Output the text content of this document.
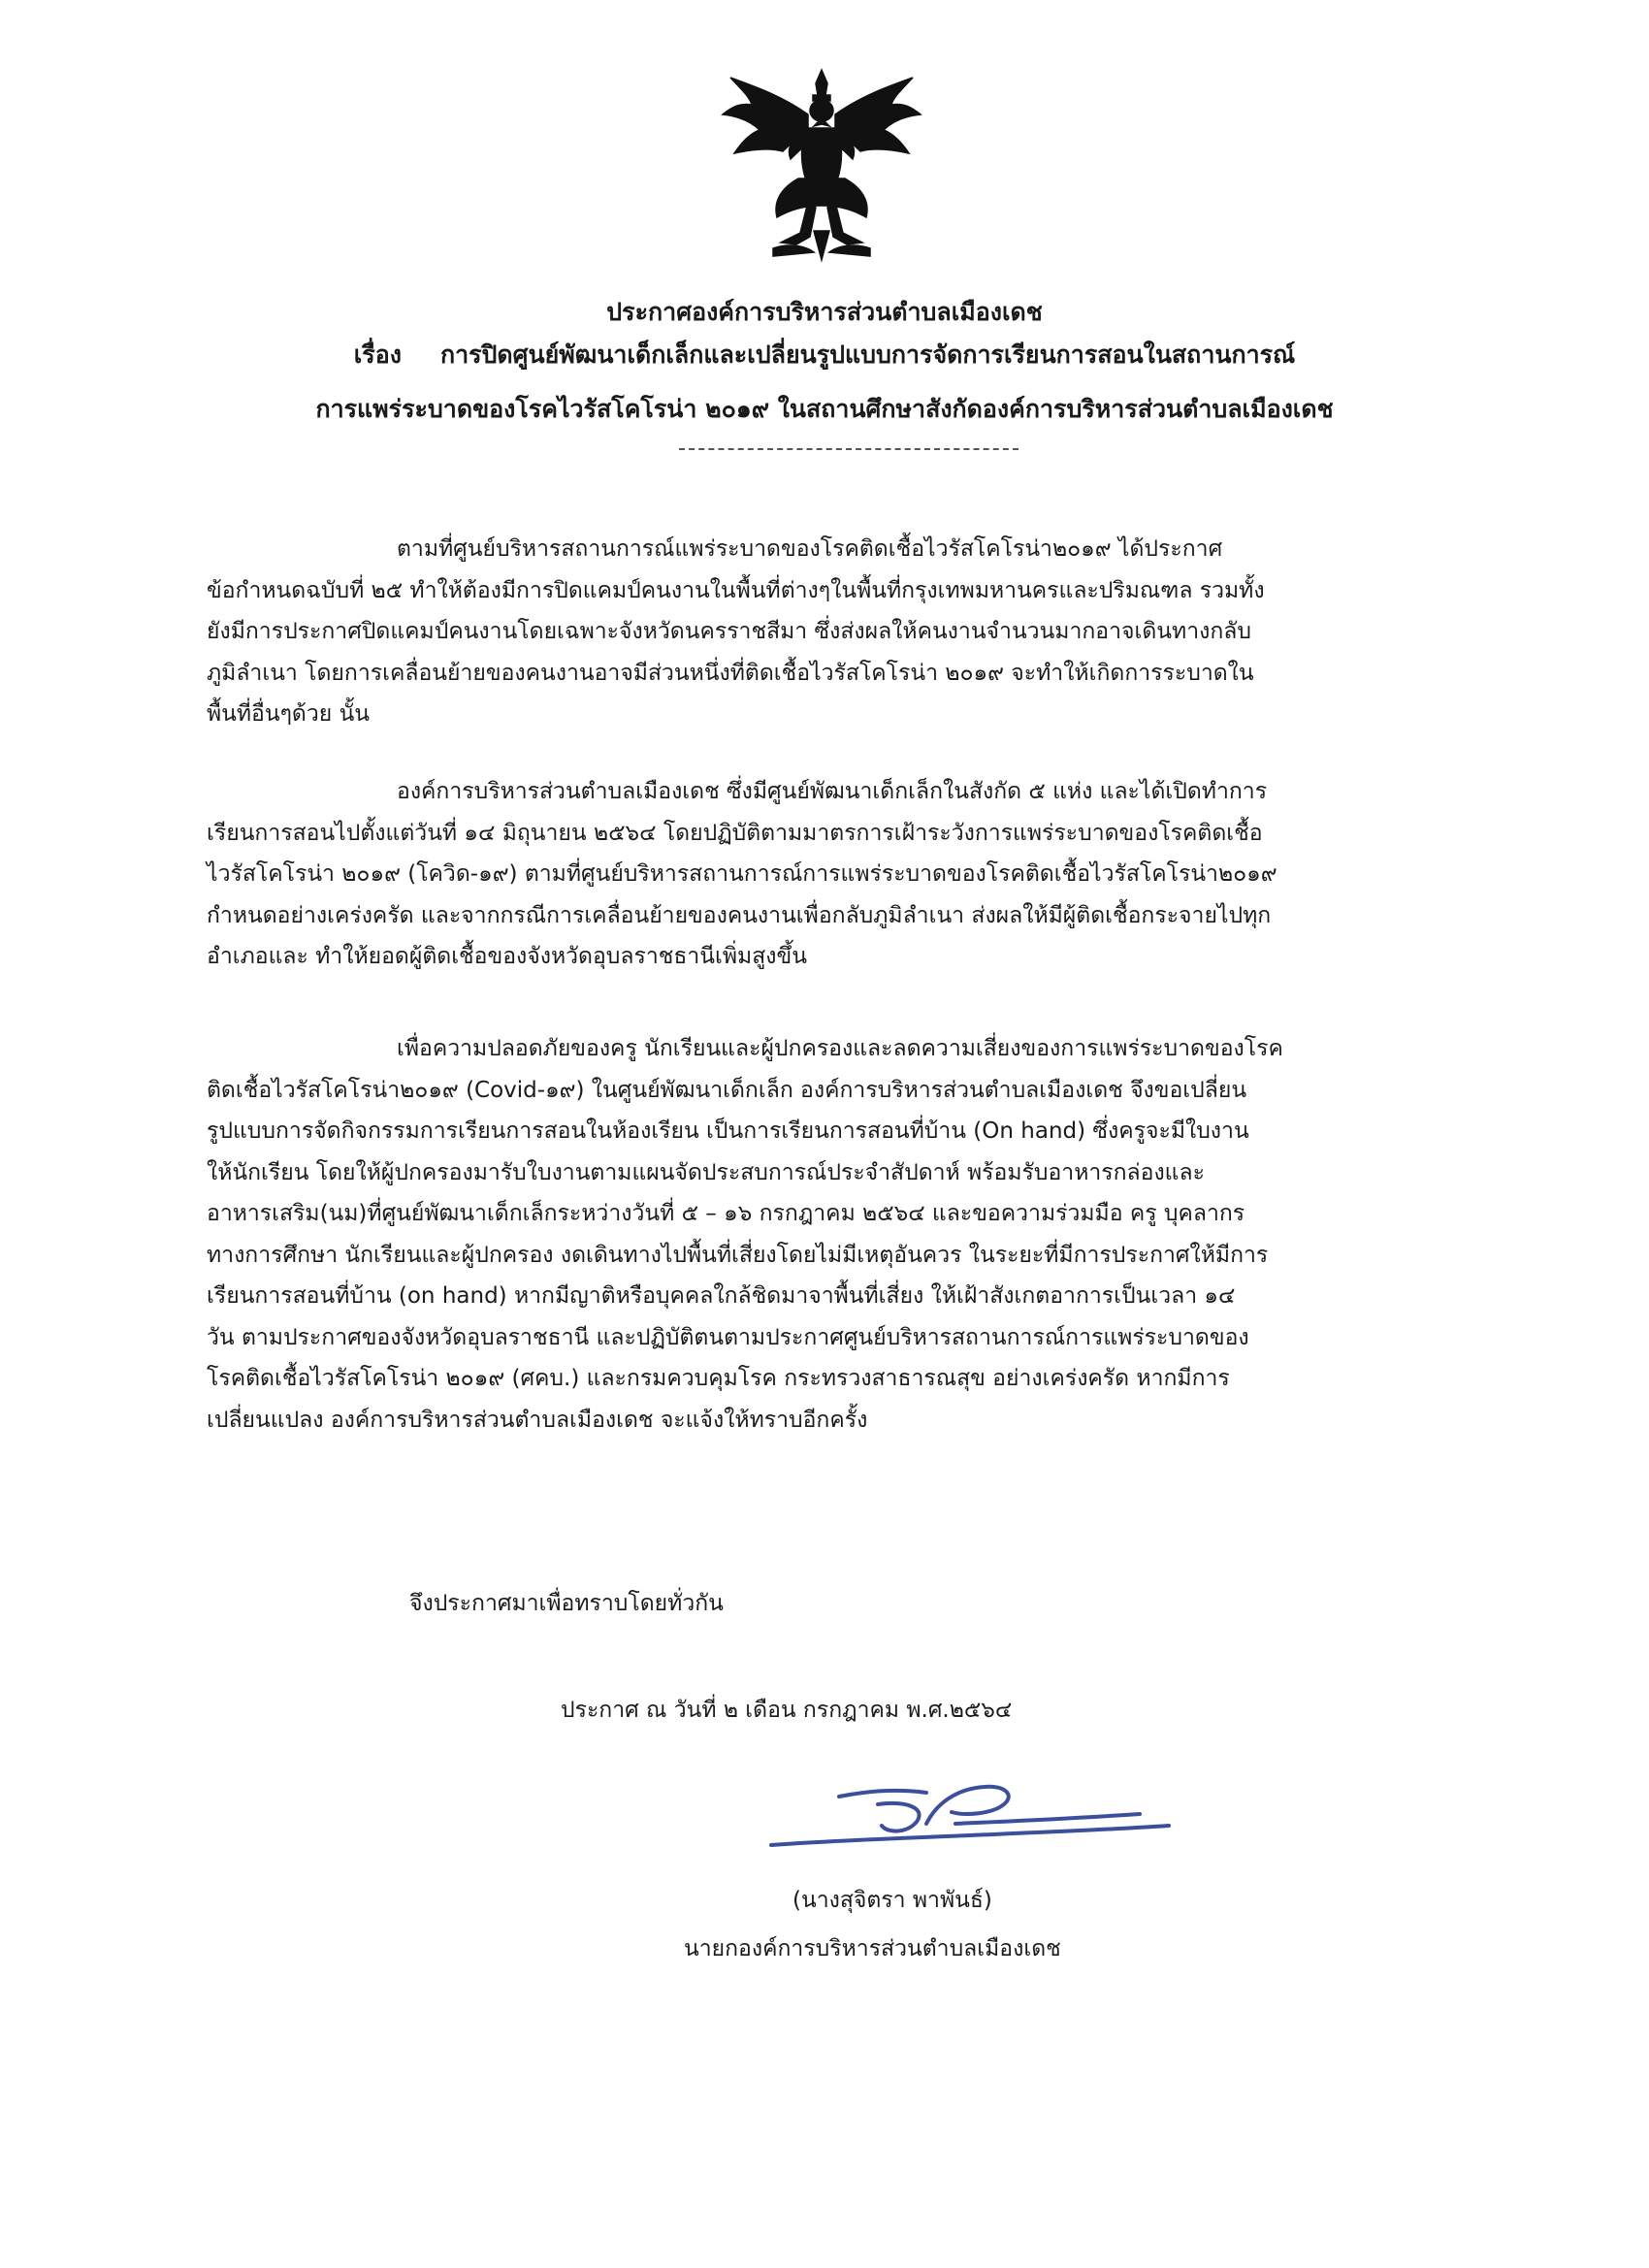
ประกาศองค์การบริหารส่วนตำบลเมืองเดช
เรื่อง การปิดศูนย์พัฒนาเด็กเล็กและเปลี่ยนรูปแบบการจัดการเรียนการสอนในสถานการณ์
การแพร่ระบาดของโรคไวรัสโคโรน่า ๒๐๑๙ ในสถานศึกษาสังกัดองค์การบริหารส่วนตำบลเมืองเดช
ตามที่ศูนย์บริหารสถานการณ์แพร่ระบาดของโรคติดเชื้อไวรัสโคโรน่า๒๐๑๙ ได้ประกาศ
ข้อกำหนดฉบับที่ ๒๕ ทำให้ต้องมีการปิดแคมป์คนงานในพื้นที่ต่างๆในพื้นที่กรุงเทพมหานครและปริมณฑล รวมทั้ง
ยังมีการประกาศปิดแคมป์คนงานโดยเฉพาะจังหวัดนครราชสีมา ซึ่งส่งผลให้คนงานจำนวนมากอาจเดินทางกลับ
ภูมิลำเนา โดยการเคลื่อนย้ายของคนงานอาจมีส่วนหนึ่งที่ติดเชื้อไวรัสโคโรน่า ๒๐๑๙ จะทำให้เกิดการระบาดใน
พื้นที่อื่นๆด้วย นั้น
องค์การบริหารส่วนตำบลเมืองเดช ซึ่งมีศูนย์พัฒนาเด็กเล็กในสังกัด ๕ แห่ง และได้เปิดทำการ
เรียนการสอนไปตั้งแต่วันที่ ๑๔ มิถุนายน ๒๕๖๔ โดยปฏิบัติตามมาตรการเฝ้าระวังการแพร่ระบาดของโรคติดเชื้อ
ไวรัสโคโรน่า ๒๐๑๙ (โควิด-๑๙) ตามที่ศูนย์บริหารสถานการณ์การแพร่ระบาดของโรคติดเชื้อไวรัสโคโรน่า๒๐๑๙
กำหนดอย่างเคร่งครัด และจากกรณีการเคลื่อนย้ายของคนงานเพื่อกลับภูมิลำเนา ส่งผลให้มีผู้ติดเชื้อกระจายไปทุก
อำเภอและ ทำให้ยอดผู้ติดเชื้อของจังหวัดอุบลราชธานีเพิ่มสูงขึ้น
เพื่อความปลอดภัยของครู นักเรียนและผู้ปกครองและลดความเสี่ยงของการแพร่ระบาดของโรค
ติดเชื้อไวรัสโคโรน่า๒๐๑๙ (Covid-๑๙) ในศูนย์พัฒนาเด็กเล็ก องค์การบริหารส่วนตำบลเมืองเดช จึงขอเปลี่ยน
รูปแบบการจัดกิจกรรมการเรียนการสอนในห้องเรียน เป็นการเรียนการสอนที่บ้าน (On hand) ซึ่งครูจะมีใบงาน
ให้นักเรียน โดยให้ผู้ปกครองมารับใบงานตามแผนจัดประสบการณ์ประจำสัปดาห์ พร้อมรับอาหารกล่องและ
อาหารเสริม(นม)ที่ศูนย์พัฒนาเด็กเล็กระหว่างวันที่ ๕ – ๑๖ กรกฎาคม ๒๕๖๔ และขอความร่วมมือ ครู บุคลากร
ทางการศึกษา นักเรียนและผู้ปกครอง งดเดินทางไปพื้นที่เสี่ยงโดยไม่มีเหตุอันควร ในระยะที่มีการประกาศให้มีการ
เรียนการสอนที่บ้าน (on hand) หากมีญาติหรือบุคคลใกล้ชิดมาจาพื้นที่เสี่ยง ให้เฝ้าสังเกตอาการเป็นเวลา ๑๔
วัน ตามประกาศของจังหวัดอุบลราชธานี และปฏิบัติตนตามประกาศศูนย์บริหารสถานการณ์การแพร่ระบาดของ
โรคติดเชื้อไวรัสโคโรน่า ๒๐๑๙ (ศคบ.) และกรมควบคุมโรค กระทรวงสาธารณสุข อย่างเคร่งครัด หากมีการ
เปลี่ยนแปลง องค์การบริหารส่วนตำบลเมืองเดช จะแจ้งให้ทราบอีกครั้ง
จึงประกาศมาเพื่อทราบโดยทั่วกัน
ประกาศ ณ วันที่ ๒ เดือน กรกฎาคม พ.ศ.๒๕๖๔
(นางสุจิตรา พาพันธ์)
นายกองค์การบริหารส่วนตำบลเมืองเดช
